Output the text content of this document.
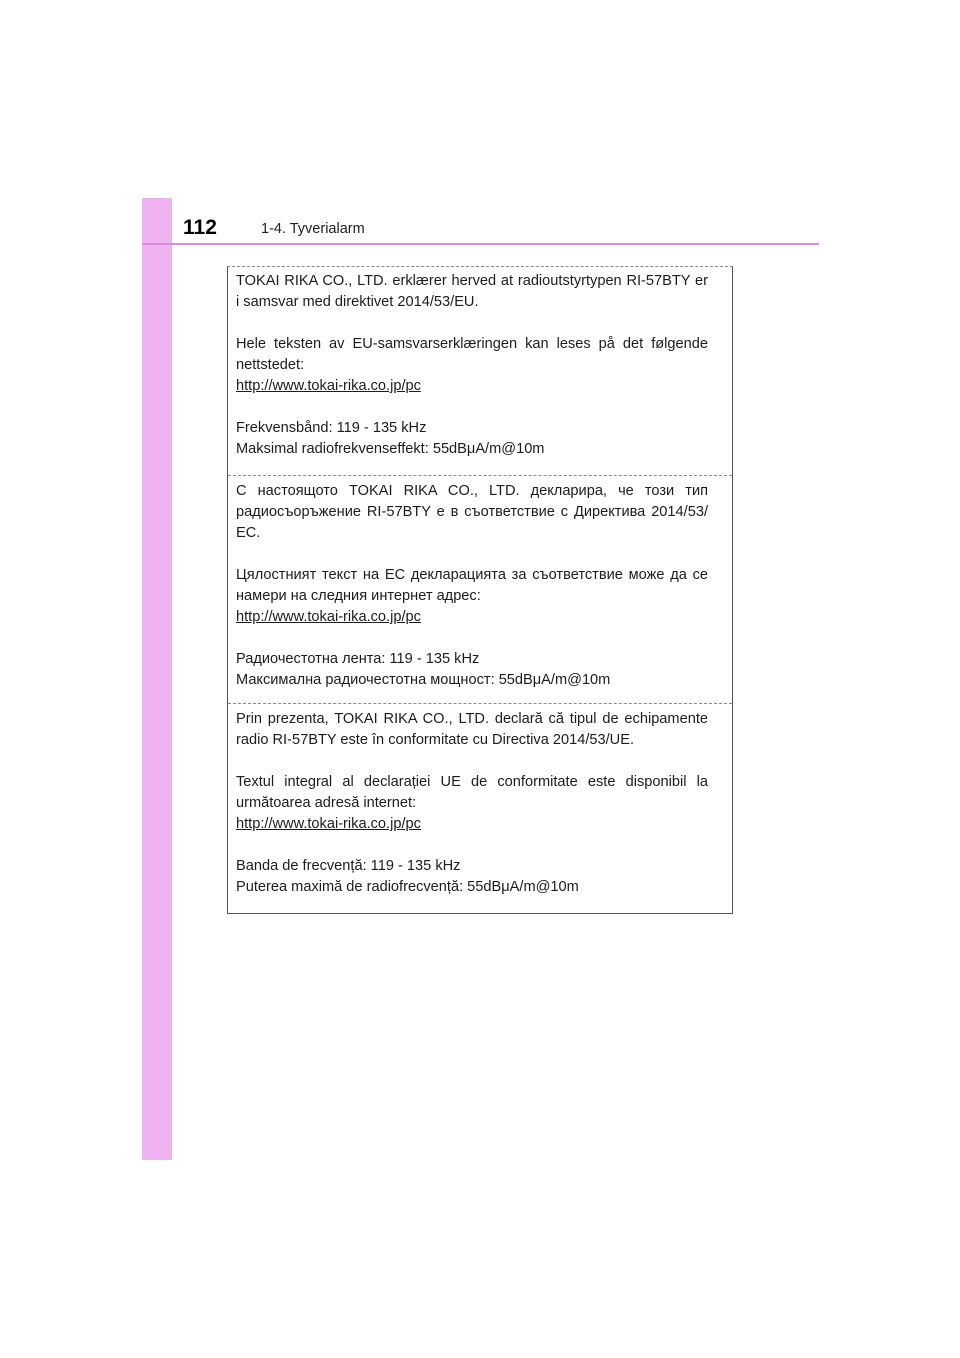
112	1-4. Tyverialarm

TOKAI RIKA CO., LTD. erklærer herved at radioutstyrtypen RI-57BTY er i samsvar med direktivet 2014/53/EU.

Hele teksten av EU-samsvarserklæringen kan leses på det følgende nettstedet:

http://www.tokai-rika.co.jp/pc

Frekvensbånd: 119 - 135 kHz

Maksimal radiofrekvenseffekt: 55dBμA/m@10m

С настоящото TOKAI RIKA CO., LTD. декларира, че този тип радиосъоръжение RI-57BTY е в съответствие с Директива 2014/53/ЕС.

Цялостният текст на ЕС декларацията за съответствие може да се намери на следния интернет адрес:

http://www.tokai-rika.co.jp/pc

Радиочестотна лента: 119 - 135 kHz

Максимална радиочестотна мощност: 55dBμA/m@10m

Prin prezenta, TOKAI RIKA CO., LTD. declară că tipul de echipamente radio RI-57BTY este în conformitate cu Directiva 2014/53/UE.

Textul integral al declarației UE de conformitate este disponibil la următoarea adresă internet:

http://www.tokai-rika.co.jp/pc

Banda de frecvență: 119 - 135 kHz

Puterea maximă de radiofrecvență: 55dBμA/m@10m
